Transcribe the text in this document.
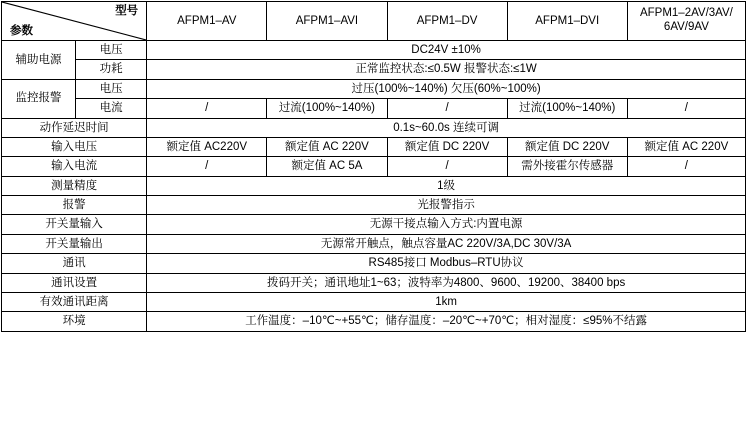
型号
参数		AFPM1–AV	AFPM1–AVI	AFPM1–DV	AFPM1–DVI	AFPM1–2AV/3AV/
6AV/9AV

辅助电源	电压	DC24V ±10%				
	功耗	正常监控状态:≤0.5W 报警状态:≤1W				
监控报警	电压	过压(100%~140%) 欠压(60%~100%)				
	电流	/	过流(100%~140%)	/	过流(100%~140%)	/
动作延迟时间		0.1s~60.0s 连续可调				
输入电压		额定值 AC220V	额定值 AC 220V	额定值 DC 220V	额定值 DC 220V	额定值 AC 220V
输入电流		/	额定值 AC 5A	/	需外接霍尔传感器	/
测量精度		1级				
报警		光报警指示				
开关量输入		无源干接点输入方式:内置电源				
开关量输出		无源常开触点，触点容量AC 220V/3A,DC 30V/3A				
通讯		RS485接口 Modbus–RTU协议				
通讯设置		拨码开关；通讯地址1~63；波特率为4800、9600、19200、38400 bps				
有效通讯距离		1km				
环境		工作温度：–10℃~+55℃；储存温度：–20℃~+70℃；相对湿度：≤95%不结露				
